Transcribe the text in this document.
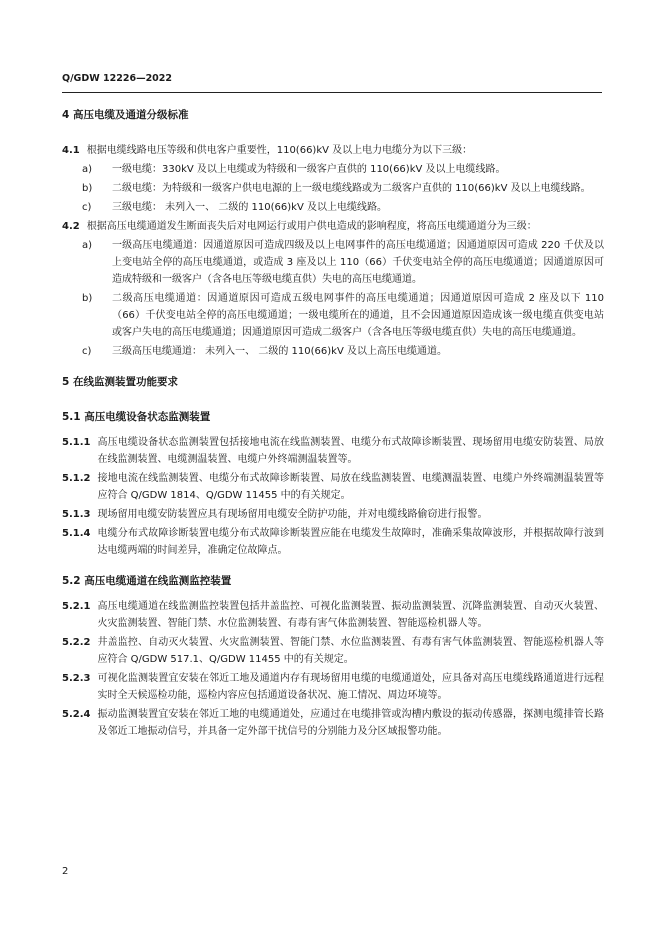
Q/GDW 12226—2022
4 高压电缆及通道分级标准
4.1 根据电缆线路电压等级和供电客户重要性，110(66)kV 及以上电力电缆分为以下三级：
a)	一级电缆：330kV 及以上电缆或为特级和一级客户直供的 110(66)kV 及以上电缆线路。
b)	二级电缆：为特级和一级客户供电电源的上一级电缆线路或为二级客户直供的 110(66)kV 及以上电缆线路。
c)	三级电缆： 未列入一、 二级的 110(66)kV 及以上电缆线路。
4.2 根据高压电缆通道发生断面丧失后对电网运行或用户供电造成的影响程度，将高压电缆通道分为三级：
a)	一级高压电缆通道：因通道原因可造成四级及以上电网事件的高压电缆通道；因通道原因可造成 220 千伏及以上变电站全停的高压电缆通道，或造成 3 座及以上 110（66）千伏变电站全停的高压电缆通道；因通道原因可造成特级和一级客户（含各电压等级电缆直供）失电的高压电缆通道。
b)	二级高压电缆通道：因通道原因可造成五级电网事件的高压电缆通道；因通道原因可造成 2 座及以下 110（66）千伏变电站全停的高压电缆通道；一级电缆所在的通道，且不会因通道原因造成该一级电缆直供变电站或客户失电的高压电缆通道；因通道原因可造成二级客户（含各电压等级电缆直供）失电的高压电缆通道。
c)	三级高压电缆通道： 未列入一、 二级的 110(66)kV 及以上高压电缆通道。
5 在线监测装置功能要求
5.1 高压电缆设备状态监测装置
5.1.1 高压电缆设备状态监测装置包括接地电流在线监测装置、电缆分布式故障诊断装置、现场留用电缆安防装置、局放在线监测装置、电缆测温装置、电缆户外终端测温装置等。
5.1.2 接地电流在线监测装置、电缆分布式故障诊断装置、局放在线监测装置、电缆测温装置、电缆户外终端测温装置等应符合 Q/GDW 1814、Q/GDW 11455 中的有关规定。
5.1.3 现场留用电缆安防装置应具有现场留用电缆安全防护功能，并对电缆线路偷窃进行报警。
5.1.4 电缆分布式故障诊断装置电缆分布式故障诊断装置应能在电缆发生故障时，准确采集故障波形，并根据故障行波到达电缆两端的时间差异，准确定位故障点。
5.2 高压电缆通道在线监测监控装置
5.2.1 高压电缆通道在线监测监控装置包括井盖监控、可视化监测装置、振动监测装置、沉降监测装置、自动灭火装置、火灾监测装置、智能门禁、水位监测装置、有毒有害气体监测装置、智能巡检机器人等。
5.2.2 井盖监控、自动灭火装置、火灾监测装置、智能门禁、水位监测装置、有毒有害气体监测装置、智能巡检机器人等应符合 Q/GDW 517.1、Q/GDW 11455 中的有关规定。
5.2.3 可视化监测装置宜安装在邻近工地及通道内存有现场留用电缆的电缆通道处，应具备对高压电缆线路通道进行远程实时全天候巡检功能，巡检内容应包括通道设备状况、施工情况、周边环境等。
5.2.4 振动监测装置宜安装在邻近工地的电缆通道处，应通过在电缆排管或沟槽内敷设的振动传感器，探测电缆排管长路及邻近工地振动信号，并具备一定外部干扰信号的分别能力及分区域报警功能。
2
